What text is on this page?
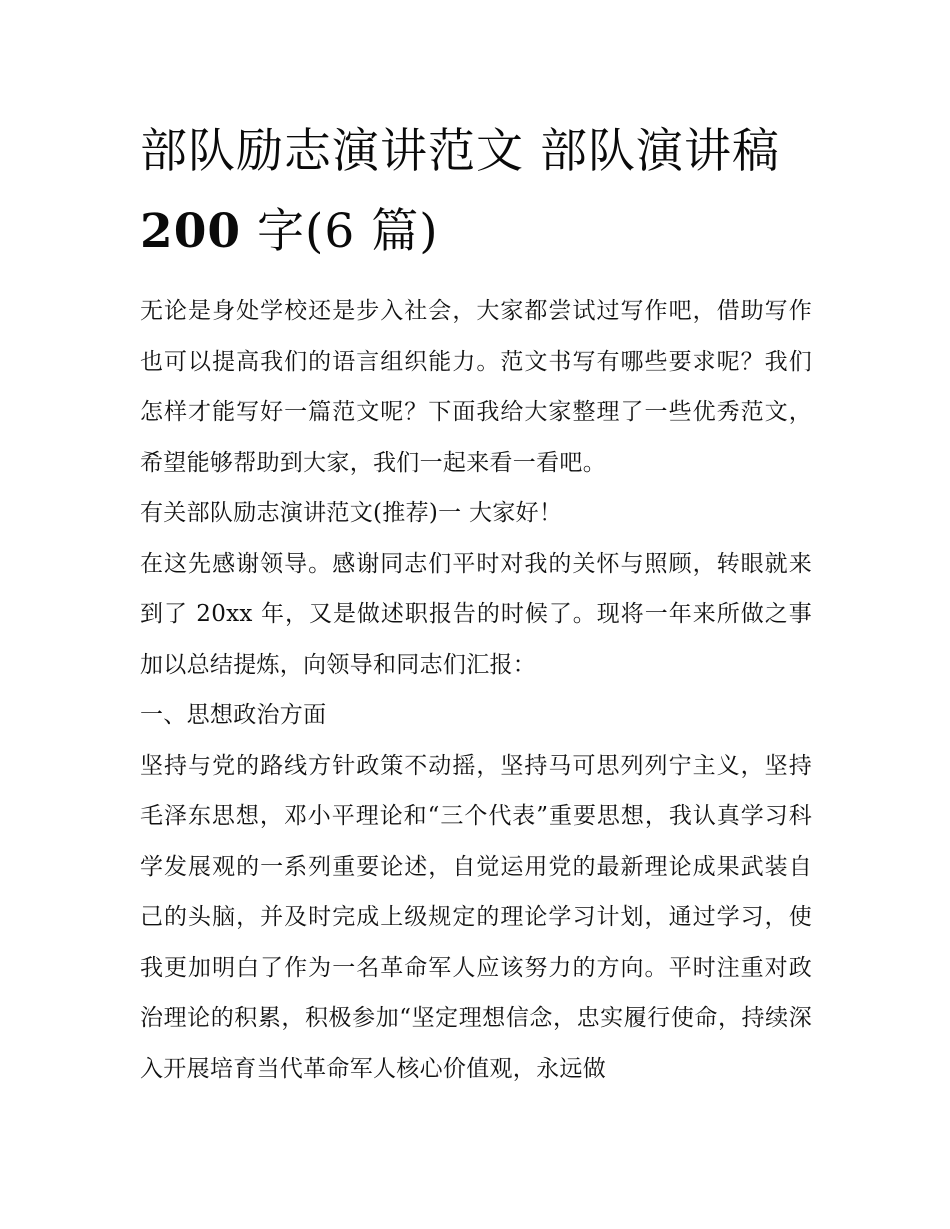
部队励志演讲范文 部队演讲稿
200 字(6 篇)

无论是身处学校还是步入社会，大家都尝试过写作吧，借助写作也可以提高我们的语言组织能力。范文书写有哪些要求呢？我们怎样才能写好一篇范文呢？下面我给大家整理了一些优秀范文，希望能够帮助到大家，我们一起来看一看吧。

有关部队励志演讲范文(推荐)一 大家好！

在这先感谢领导。感谢同志们平时对我的关怀与照顾，转眼就来到了 20xx 年，又是做述职报告的时候了。现将一年来所做之事加以总结提炼，向领导和同志们汇报：

一、思想政治方面

坚持与党的路线方针政策不动摇，坚持马可思列列宁主义，坚持毛泽东思想，邓小平理论和“三个代表”重要思想，我认真学习科学发展观的一系列重要论述，自觉运用党的最新理论成果武装自己的头脑，并及时完成上级规定的理论学习计划，通过学习，使我更加明白了作为一名革命军人应该努力的方向。平时注重对政治理论的积累，积极参加“坚定理想信念，忠实履行使命，持续深入开展培育当代革命军人核心价值观，永远做
